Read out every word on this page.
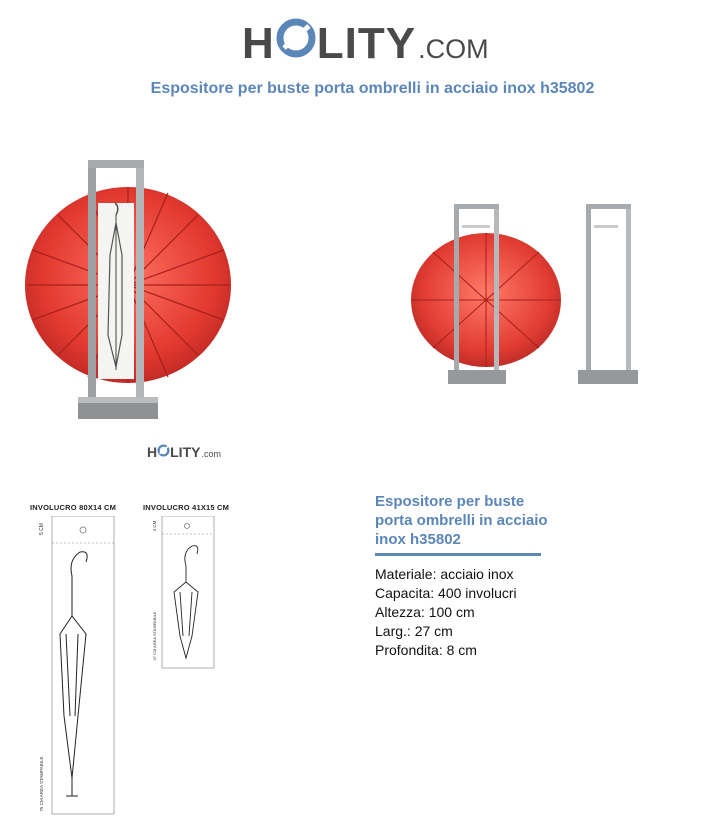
H LITY .COM
Espositore per buste porta ombrelli in acciaio inox h35802
H LITY .com
INVOLUCRO 80X14 CM
5 CM
75 CM AREA STAMPABILE
INVOLUCRO 41X15 CM
4 CM
37 CM AREA STAMPABILE
Espositore per buste porta ombrelli in acciaio inox h35802
Materiale: acciaio inox
Capacita: 400 involucri
Altezza: 100 cm
Larg.: 27 cm
Profondita: 8 cm
